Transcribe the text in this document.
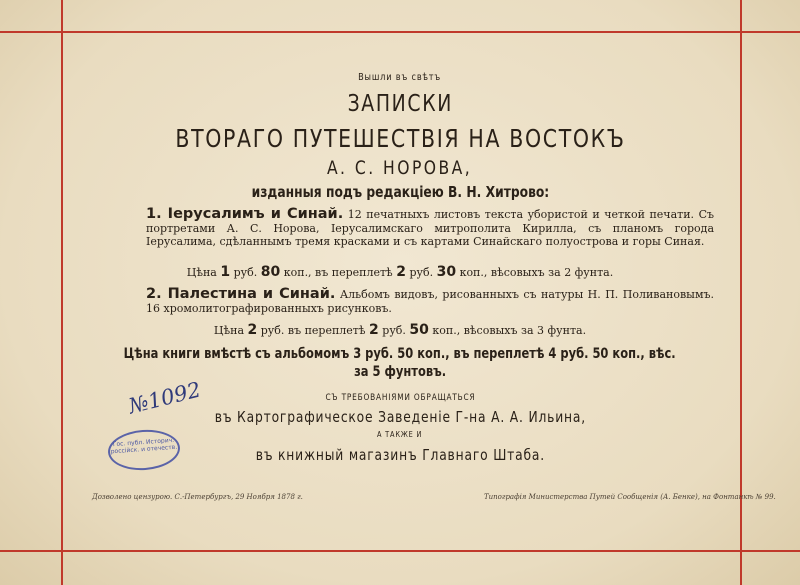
Вышли въ свѣтъ
ЗАПИСКИ
ВТОРАГО ПУТЕШЕСТВІЯ НА ВОСТОКЪ
А. С. НОРОВА,
изданныя подъ редакціею В. Н. Хитрово:
1. Іерусалимъ и Синай. 12 печатныхъ листовъ текста убористой и четкой печати. Съ портретами А. С. Норова, Іерусалимскаго митрополита Кирилла, съ планомъ города Іерусалима, сдѣланнымъ тремя красками и съ картами Синайскаго полуострова и горы Синая.
Цѣна 1 руб. 80 коп., въ переплетѣ 2 руб. 30 коп., вѣсовыхъ за 2 фунта.
2. Палестина и Синай. Альбомъ видовъ, рисованныхъ съ натуры Н. П. Поливановымъ. 16 хромолитографированныхъ рисунковъ.
Цѣна 2 руб. въ переплетѣ 2 руб. 50 коп., вѣсовыхъ за 3 фунта.
Цѣна книги вмѣстѣ съ альбомомъ 3 руб. 50 коп., въ переплетѣ 4 руб. 50 коп., вѣс.
за 5 фунтовъ.
СЪ ТРЕБОВАНІЯМИ ОБРАЩАТЬСЯ
въ Картографическое Заведеніе Г-на А. А. Ильина,
А ТАКЖЕ И
въ книжный магазинъ Главнаго Штаба.
№1092
Гос. публ. Историч. россійск. и отечеств.
Дозволено цензурою. С.-Петербургъ, 29 Ноября 1878 г.	Типографія Министерства Путей Сообщенія (А. Бенке), на Фонтанкѣ № 99.
